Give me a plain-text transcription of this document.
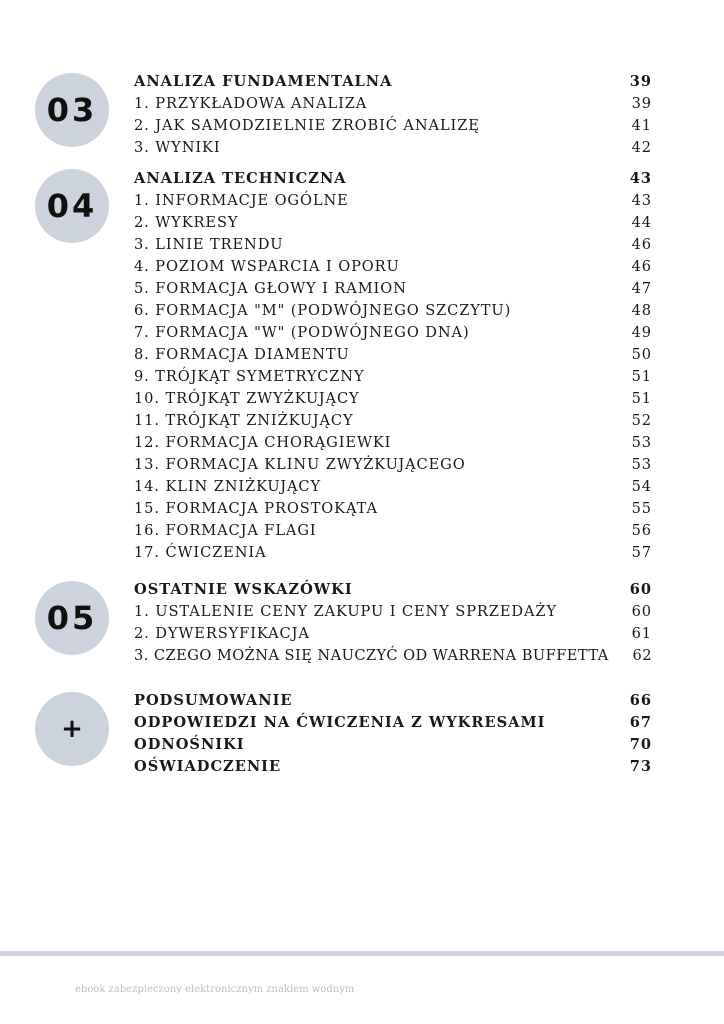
03
ANALIZA FUNDAMENTALNA	39
1. PRZYKŁADOWA ANALIZA	39
2. JAK SAMODZIELNIE ZROBIĆ ANALIZĘ	41
3. WYNIKI	42
04
ANALIZA TECHNICZNA	43
1. INFORMACJE OGÓLNE	43
2. WYKRESY	44
3. LINIE TRENDU	46
4. POZIOM WSPARCIA I OPORU	46
5. FORMACJA GŁOWY I RAMION	47
6. FORMACJA "M" (PODWÓJNEGO SZCZYTU)	48
7. FORMACJA "W" (PODWÓJNEGO DNA)	49
8. FORMACJA DIAMENTU	50
9. TRÓJKĄT SYMETRYCZNY	51
10. TRÓJKĄT ZWYŻKUJĄCY	51
11. TRÓJKĄT ZNIŻKUJĄCY	52
12. FORMACJA CHORĄGIEWKI	53
13. FORMACJA KLINU ZWYŻKUJĄCEGO	53
14. KLIN ZNIŻKUJĄCY	54
15. FORMACJA PROSTOKĄTA	55
16. FORMACJA FLAGI	56
17. ĆWICZENIA	57
05
OSTATNIE WSKAZÓWKI	60
1. USTALENIE CENY ZAKUPU I CENY SPRZEDAŻY	60
2. DYWERSYFIKACJA	61
3. CZEGO MOŻNA SIĘ NAUCZYĆ OD WARRENA BUFFETTA 62
+
PODSUMOWANIE	66
ODPOWIEDZI NA ĆWICZENIA Z WYKRESAMI	67
ODNOŚNIKI	70
OŚWIADCZENIE	73
ebook zabezpieczony elektronicznym znakiem wodnym
